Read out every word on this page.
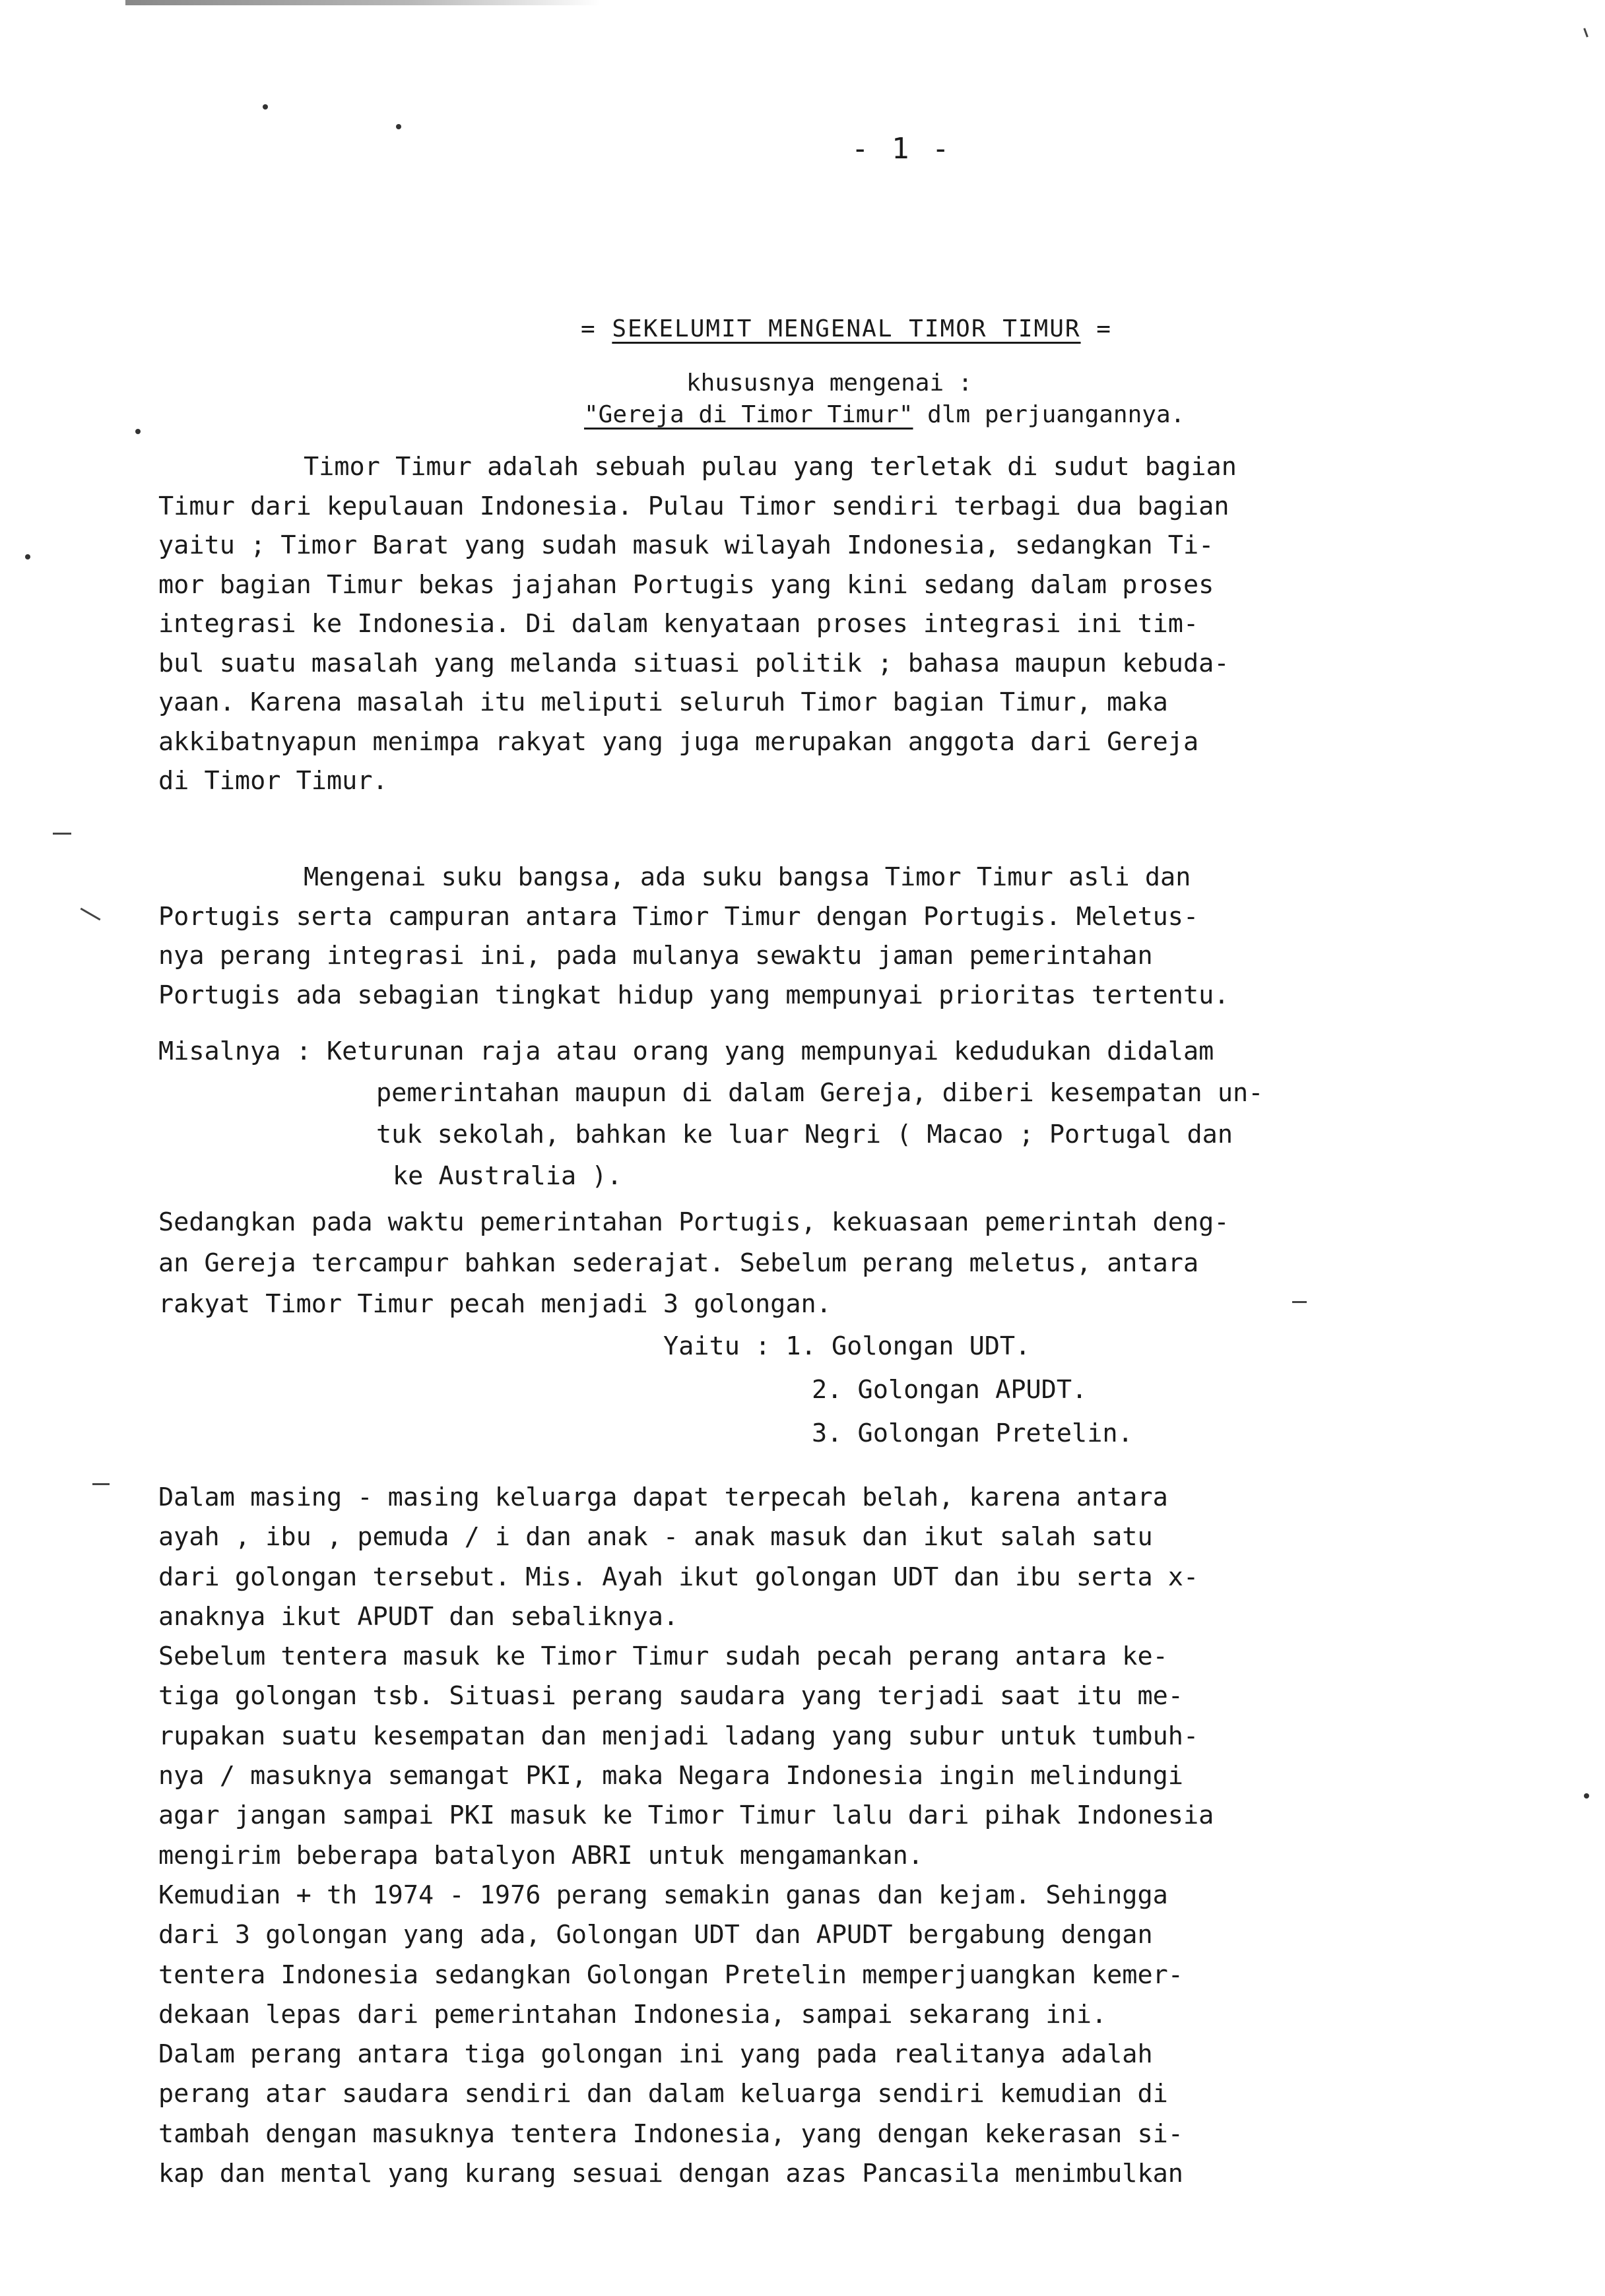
- 1 -
= SEKELUMIT MENGENAL TIMOR TIMUR =
khususnya mengenai :
"Gereja di Timor Timur" dlm perjuangannya.
Timor Timur adalah sebuah pulau yang terletak di sudut bagian
Timur dari kepulauan Indonesia. Pulau Timor sendiri terbagi dua bagian
yaitu ; Timor Barat yang sudah masuk wilayah Indonesia, sedangkan Ti-
mor bagian Timur bekas jajahan Portugis yang kini sedang dalam proses
integrasi ke Indonesia. Di dalam kenyataan proses integrasi ini tim-
bul suatu masalah yang melanda situasi politik ; bahasa maupun kebuda-
yaan. Karena masalah itu meliputi seluruh Timor bagian Timur, maka
akkibatnyapun menimpa rakyat yang juga merupakan anggota dari Gereja
di Timor Timur.
Mengenai suku bangsa, ada suku bangsa Timor Timur asli dan
Portugis serta campuran antara Timor Timur dengan Portugis. Meletus-
nya perang integrasi ini, pada mulanya sewaktu jaman pemerintahan
Portugis ada sebagian tingkat hidup yang mempunyai prioritas tertentu.
Misalnya : Keturunan raja atau orang yang mempunyai kedudukan didalam
pemerintahan maupun di dalam Gereja, diberi kesempatan un-
tuk sekolah, bahkan ke luar Negri ( Macao ; Portugal dan
ke Australia ).
Sedangkan pada waktu pemerintahan Portugis, kekuasaan pemerintah deng-
an Gereja tercampur bahkan sederajat. Sebelum perang meletus, antara
rakyat Timor Timur pecah menjadi 3 golongan.
Yaitu : 1. Golongan UDT.
2. Golongan APUDT.
3. Golongan Pretelin.
Dalam masing - masing keluarga dapat terpecah belah, karena antara
ayah , ibu , pemuda / i dan anak - anak masuk dan ikut salah satu
dari golongan tersebut. Mis. Ayah ikut golongan UDT dan ibu serta x-
anaknya ikut APUDT dan sebaliknya.
Sebelum tentera masuk ke Timor Timur sudah pecah perang antara ke-
tiga golongan tsb. Situasi perang saudara yang terjadi saat itu me-
rupakan suatu kesempatan dan menjadi ladang yang subur untuk tumbuh-
nya / masuknya semangat PKI, maka Negara Indonesia ingin melindungi
agar jangan sampai PKI masuk ke Timor Timur lalu dari pihak Indonesia
mengirim beberapa batalyon ABRI untuk mengamankan.
Kemudian + th 1974 - 1976 perang semakin ganas dan kejam. Sehingga
dari 3 golongan yang ada, Golongan UDT dan APUDT bergabung dengan
tentera Indonesia sedangkan Golongan Pretelin memperjuangkan kemer-
dekaan lepas dari pemerintahan Indonesia, sampai sekarang ini.
Dalam perang antara tiga golongan ini yang pada realitanya adalah
perang atar saudara sendiri dan dalam keluarga sendiri kemudian di
tambah dengan masuknya tentera Indonesia, yang dengan kekerasan si-
kap dan mental yang kurang sesuai dengan azas Pancasila menimbulkan
